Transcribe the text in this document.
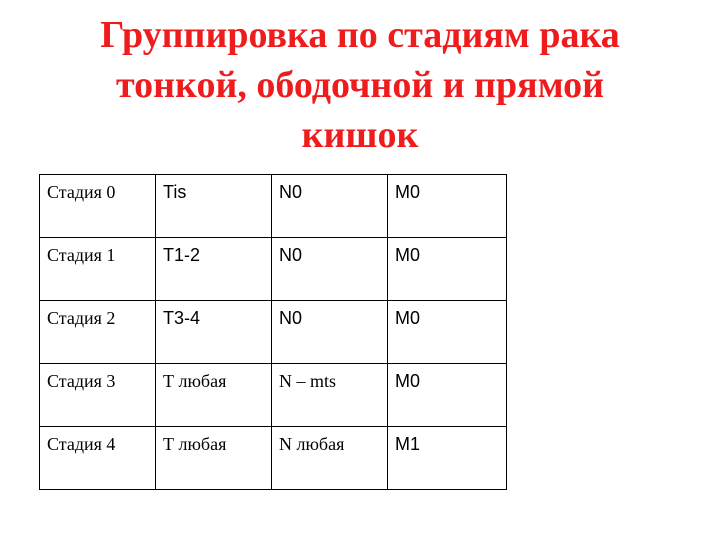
Группировка по стадиям рака
тонкой, ободочной и прямой
кишок
Стадия 0	Tis	N0	M0
Стадия 1	T1-2	N0	M0
Стадия 2	T3-4	N0	M0
Стадия 3	Т любая	N – mts	M0
Стадия 4	Т любая	N любая	M1
